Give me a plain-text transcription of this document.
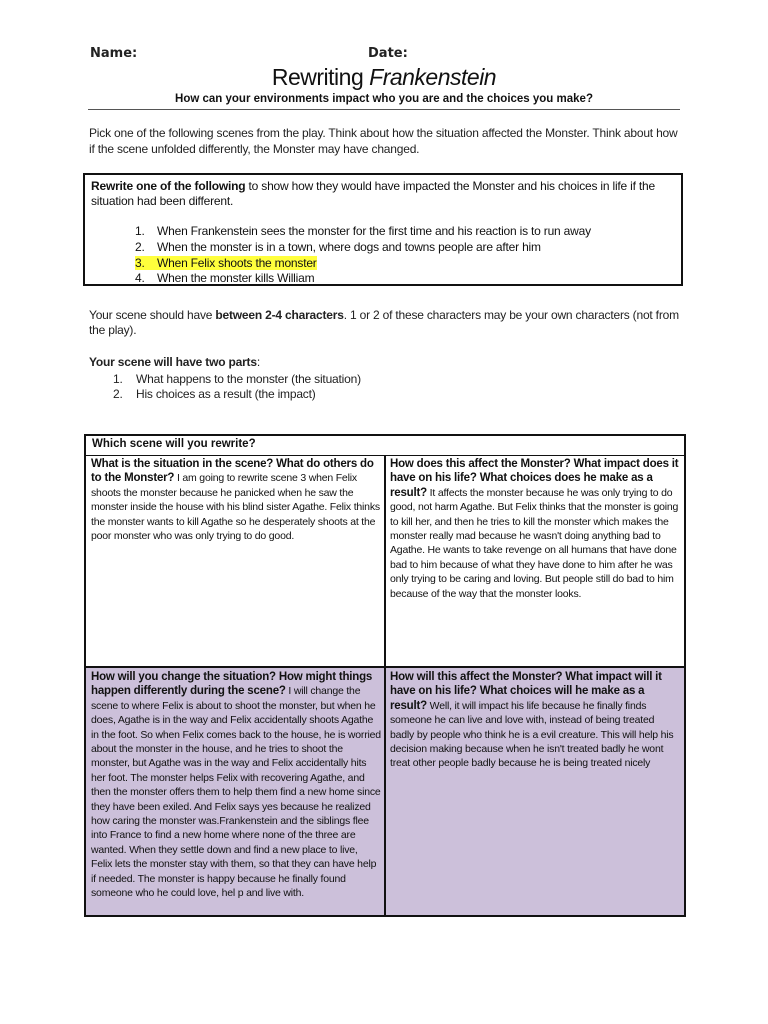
Name:	Date:
Rewriting Frankenstein
How can your environments impact who you are and the choices you make?
Pick one of the following scenes from the play. Think about how the situation affected the Monster. Think about how
if the scene unfolded differently, the Monster may have changed.
Rewrite one of the following to show how they would have impacted the Monster and his choices in life if the
situation had been different.
1. When Frankenstein sees the monster for the first time and his reaction is to run away
2. When the monster is in a town, where dogs and towns people are after him
3. When Felix shoots the monster
4. When the monster kills William
Your scene should have between 2-4 characters. 1 or 2 of these characters may be your own characters (not from
the play).
Your scene will have two parts:
1. What happens to the monster (the situation)
2. His choices as a result (the impact)
Which scene will you rewrite?
What is the situation in the scene? What do others do to the Monster? I am going to rewrite scene 3 when Felix shoots the monster because he panicked when he saw the monster inside the house with his blind sister Agathe. Felix thinks the monster wants to kill Agathe so he desperately shoots at the poor monster who was only trying to do good.
How does this affect the Monster? What impact does it have on his life? What choices does he make as a result? It affects the monster because he was only trying to do good, not harm Agathe. But Felix thinks that the monster is going to kill her, and then he tries to kill the monster which makes the monster really mad because he wasn't doing anything bad to Agathe. He wants to take revenge on all humans that have done bad to him because of what they have done to him after he was only trying to be caring and loving. But people still do bad to him because of the way that the monster looks.
How will you change the situation? How might things happen differently during the scene? I will change the scene to where Felix is about to shoot the monster, but when he does, Agathe is in the way and Felix accidentally shoots Agathe in the foot. So when Felix comes back to the house, he is worried about the monster in the house, and he tries to shoot the monster, but Agathe was in the way and Felix accidentally hits her foot. The monster helps Felix with recovering Agathe, and then the monster offers them to help them find a new home since they have been exiled. And Felix says yes because he realized how caring the monster was.Frankenstein and the siblings flee into France to find a new home where none of the three are wanted. When they settle down and find a new place to live, Felix lets the monster stay with them, so that they can have help if needed. The monster is happy because he finally found someone who he could love, hel p and live with.
How will this affect the Monster? What impact will it have on his life? What choices will he make as a result? Well, it will impact his life because he finally finds someone he can live and love with, instead of being treated badly by people who think he is a evil creature. This will help his decision making because when he isn't treated badly he wont treat other people badly because he is being treated nicely
